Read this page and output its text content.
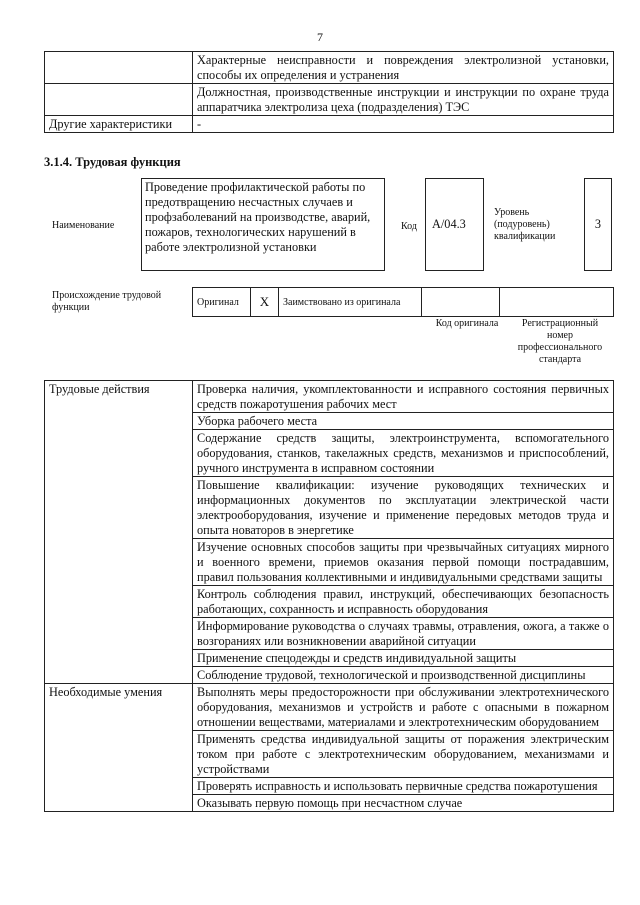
7
	Характерные неисправности и повреждения электролизной установки, способы их определения и устранения
	Должностная, производственные инструкции и инструкции по охране труда аппаратчика электролиза цеха (подразделения) ТЭС
Другие характеристики	-
3.1.4. Трудовая функция
Наименование
Проведение профилактической работы по предотвращению несчастных случаев и профзаболеваний на производстве, аварий, пожаров, технологических нарушений в работе электролизной установки
Код	A/04.3
Уровень (подуровень) квалификации
3
Происхождение трудовой функции	Оригинал	X	Заимствовано из оригинала		
Код оригинала	Регистрационный номер профессионального стандарта
Трудовые действия	Проверка наличия, укомплектованности и исправного состояния первичных средств пожаротушения рабочих мест
	Уборка рабочего места
	Содержание средств защиты, электроинструмента, вспомогательного оборудования, станков, такелажных средств, механизмов и приспособлений, ручного инструмента в исправном состоянии
	Повышение квалификации: изучение руководящих технических и информационных документов по эксплуатации электрической части электрооборудования, изучение и применение передовых методов труда и опыта новаторов в энергетике
	Изучение основных способов защиты при чрезвычайных ситуациях мирного и военного времени, приемов оказания первой помощи пострадавшим, правил пользования коллективными и индивидуальными средствами защиты
	Контроль соблюдения правил, инструкций, обеспечивающих безопасность работающих, сохранность и исправность оборудования
	Информирование руководства о случаях травмы, отравления, ожога, а также о возгораниях или возникновении аварийной ситуации
	Применение спецодежды и средств индивидуальной защиты
	Соблюдение трудовой, технологической и производственной дисциплины
Необходимые умения	Выполнять меры предосторожности при обслуживании электротехнического оборудования, механизмов и устройств и работе с опасными в пожарном отношении веществами, материалами и электротехническим оборудованием
	Применять средства индивидуальной защиты от поражения электрическим током при работе с электротехническим оборудованием, механизмами и устройствами
	Проверять исправность и использовать первичные средства пожаротушения
	Оказывать первую помощь при несчастном случае
